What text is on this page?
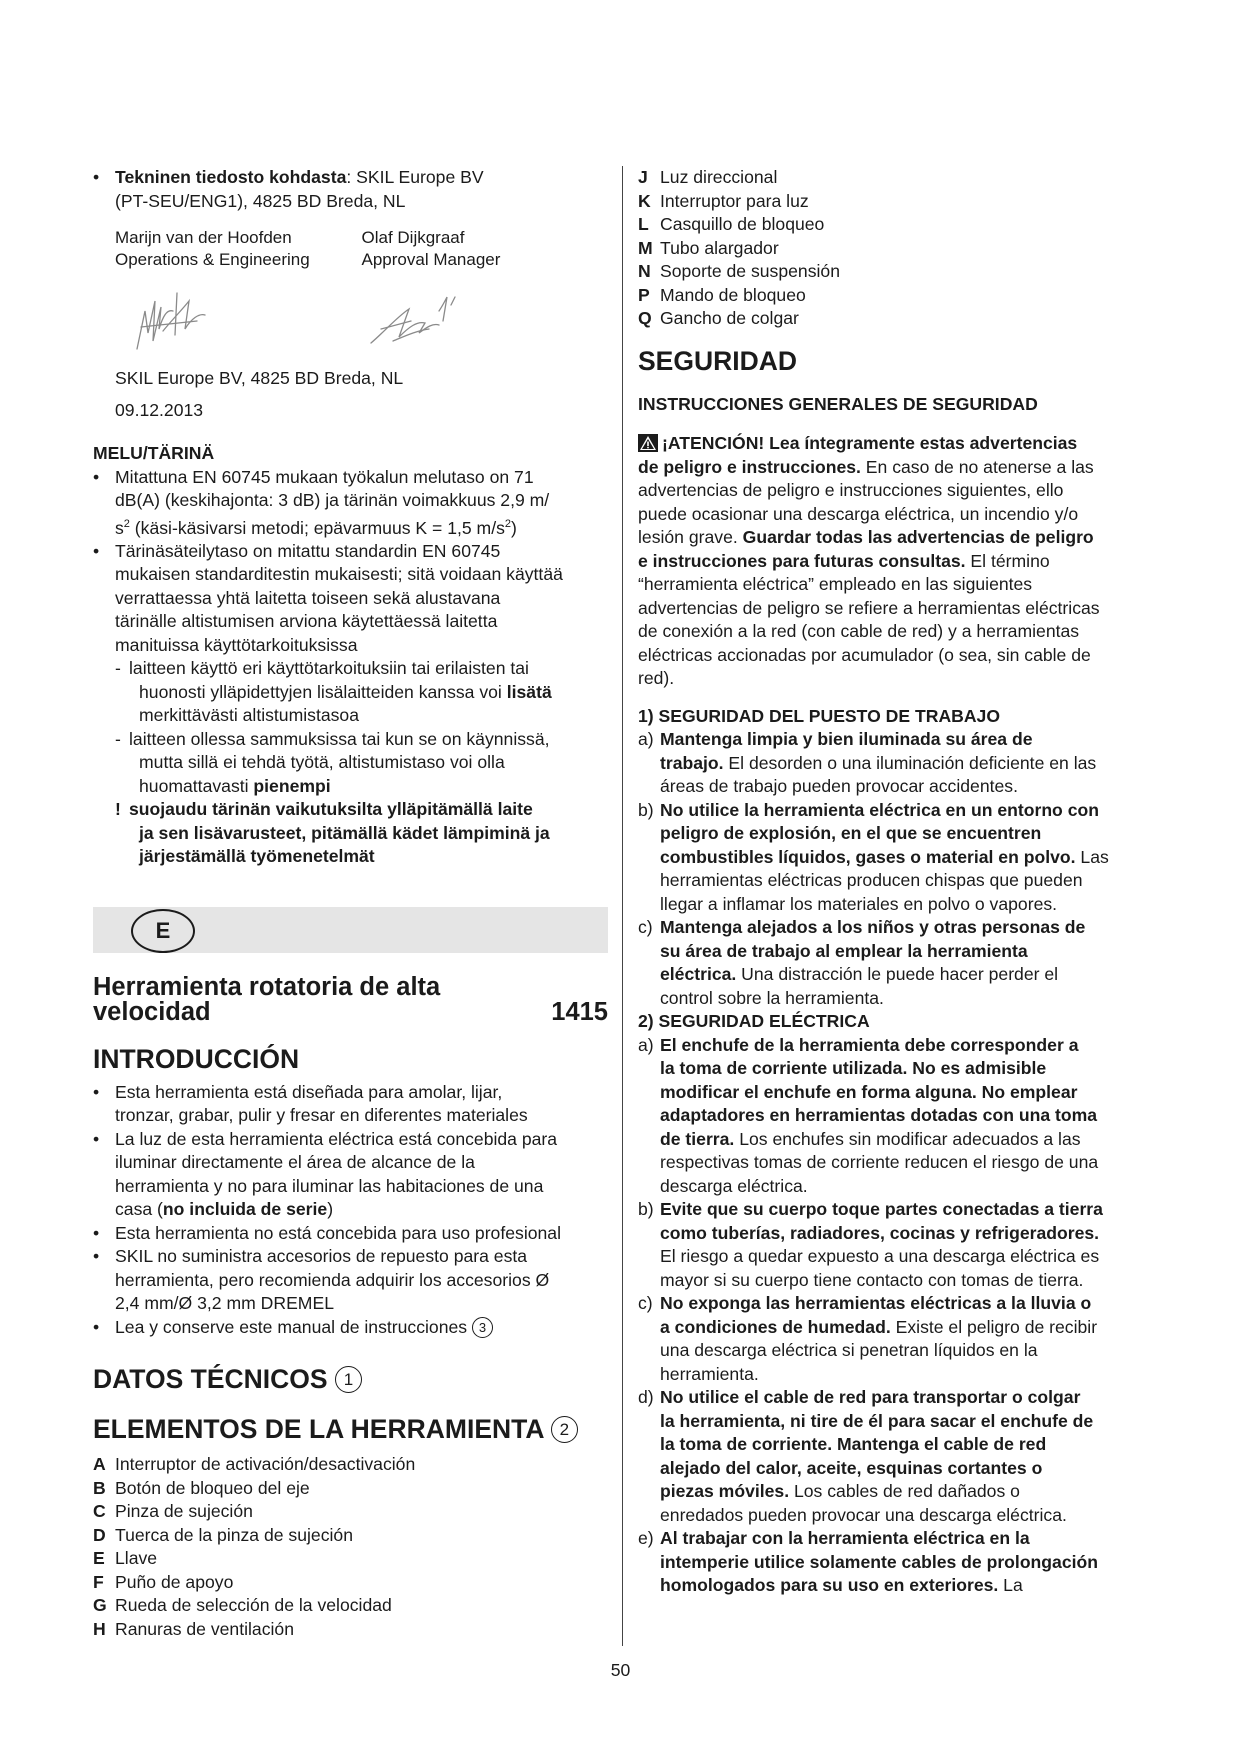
• Tekninen tiedosto kohdasta: SKIL Europe BV
(PT-SEU/ENG1), 4825 BD Breda, NL
Marijn van der Hoofden
Operations & Engineering
Olaf Dijkgraaf
Approval Manager
SKIL Europe BV, 4825 BD Breda, NL
09.12.2013
MELU/TÄRINÄ
• Mitattuna EN 60745 mukaan työkalun melutaso on 71
dB(A) (keskihajonta: 3 dB) ja tärinän voimakkuus 2,9 m/
$s^2$ (käsi-käsivarsi metodi; epävarmuus K = 1,5 $m/s^2$)
• Tärinäsäteilytaso on mitattu standardin EN 60745
mukaisen standarditestin mukaisesti; sitä voidaan käyttää
verrattaessa yhtä laitetta toiseen sekä alustavana
tärinälle altistumisen arviona käytettäessä laitetta
manituissa käyttötarkoituksissa
- laitteen käyttö eri käyttötarkoituksiin tai erilaisten tai
huonosti ylläpidettyjen lisälaitteiden kanssa voi lisätä
merkittävästi altistumistasoa
- laitteen ollessa sammuksissa tai kun se on käynnissä,
mutta sillä ei tehdä työtä, altistumistaso voi olla
huomattavasti pienempi
! suojaudu tärinän vaikutuksilta ylläpitämällä laite
ja sen lisävarusteet, pitämällä kädet lämpiminä ja
järjestämällä työmenetelmät
E
Herramienta rotatoria de alta
velocidad	1415
INTRODUCCIÓN
• Esta herramienta está diseñada para amolar, lijar,
tronzar, grabar, pulir y fresar en diferentes materiales
• La luz de esta herramienta eléctrica está concebida para
iluminar directamente el área de alcance de la
herramienta y no para iluminar las habitaciones de una
casa (no incluida de serie)
• Esta herramienta no está concebida para uso profesional
• SKIL no suministra accesorios de repuesto para esta
herramienta, pero recomienda adquirir los accesorios Ø
2,4 mm/Ø 3,2 mm DREMEL
• Lea y conserve este manual de instrucciones 3
DATOS TÉCNICOS 1
ELEMENTOS DE LA HERRAMIENTA 2
A Interruptor de activación/desactivación
B Botón de bloqueo del eje
C Pinza de sujeción
D Tuerca de la pinza de sujeción
E Llave
F Puño de apoyo
G Rueda de selección de la velocidad
H Ranuras de ventilación
J Luz direccional
K Interruptor para luz
L Casquillo de bloqueo
M Tubo alargador
N Soporte de suspensión
P Mando de bloqueo
Q Gancho de colgar
SEGURIDAD
INSTRUCCIONES GENERALES DE SEGURIDAD
¡ATENCIÓN! Lea íntegramente estas advertencias
de peligro e instrucciones. En caso de no atenerse a las
advertencias de peligro e instrucciones siguientes, ello
puede ocasionar una descarga eléctrica, un incendio y/o
lesión grave. Guardar todas las advertencias de peligro
e instrucciones para futuras consultas. El término
“herramienta eléctrica” empleado en las siguientes
advertencias de peligro se refiere a herramientas eléctricas
de conexión a la red (con cable de red) y a herramientas
eléctricas accionadas por acumulador (o sea, sin cable de
red).
1) SEGURIDAD DEL PUESTO DE TRABAJO
a) Mantenga limpia y bien iluminada su área de
trabajo. El desorden o una iluminación deficiente en las
áreas de trabajo pueden provocar accidentes.
b) No utilice la herramienta eléctrica en un entorno con
peligro de explosión, en el que se encuentren
combustibles líquidos, gases o material en polvo. Las
herramientas eléctricas producen chispas que pueden
llegar a inflamar los materiales en polvo o vapores.
c) Mantenga alejados a los niños y otras personas de
su área de trabajo al emplear la herramienta
eléctrica. Una distracción le puede hacer perder el
control sobre la herramienta.
2) SEGURIDAD ELÉCTRICA
a) El enchufe de la herramienta debe corresponder a
la toma de corriente utilizada. No es admisible
modificar el enchufe en forma alguna. No emplear
adaptadores en herramientas dotadas con una toma
de tierra. Los enchufes sin modificar adecuados a las
respectivas tomas de corriente reducen el riesgo de una
descarga eléctrica.
b) Evite que su cuerpo toque partes conectadas a tierra
como tuberías, radiadores, cocinas y refrigeradores.
El riesgo a quedar expuesto a una descarga eléctrica es
mayor si su cuerpo tiene contacto con tomas de tierra.
c) No exponga las herramientas eléctricas a la lluvia o
a condiciones de humedad. Existe el peligro de recibir
una descarga eléctrica si penetran líquidos en la
herramienta.
d) No utilice el cable de red para transportar o colgar
la herramienta, ni tire de él para sacar el enchufe de
la toma de corriente. Mantenga el cable de red
alejado del calor, aceite, esquinas cortantes o
piezas móviles. Los cables de red dañados o
enredados pueden provocar una descarga eléctrica.
e) Al trabajar con la herramienta eléctrica en la
intemperie utilice solamente cables de prolongación
homologados para su uso en exteriores. La
50
